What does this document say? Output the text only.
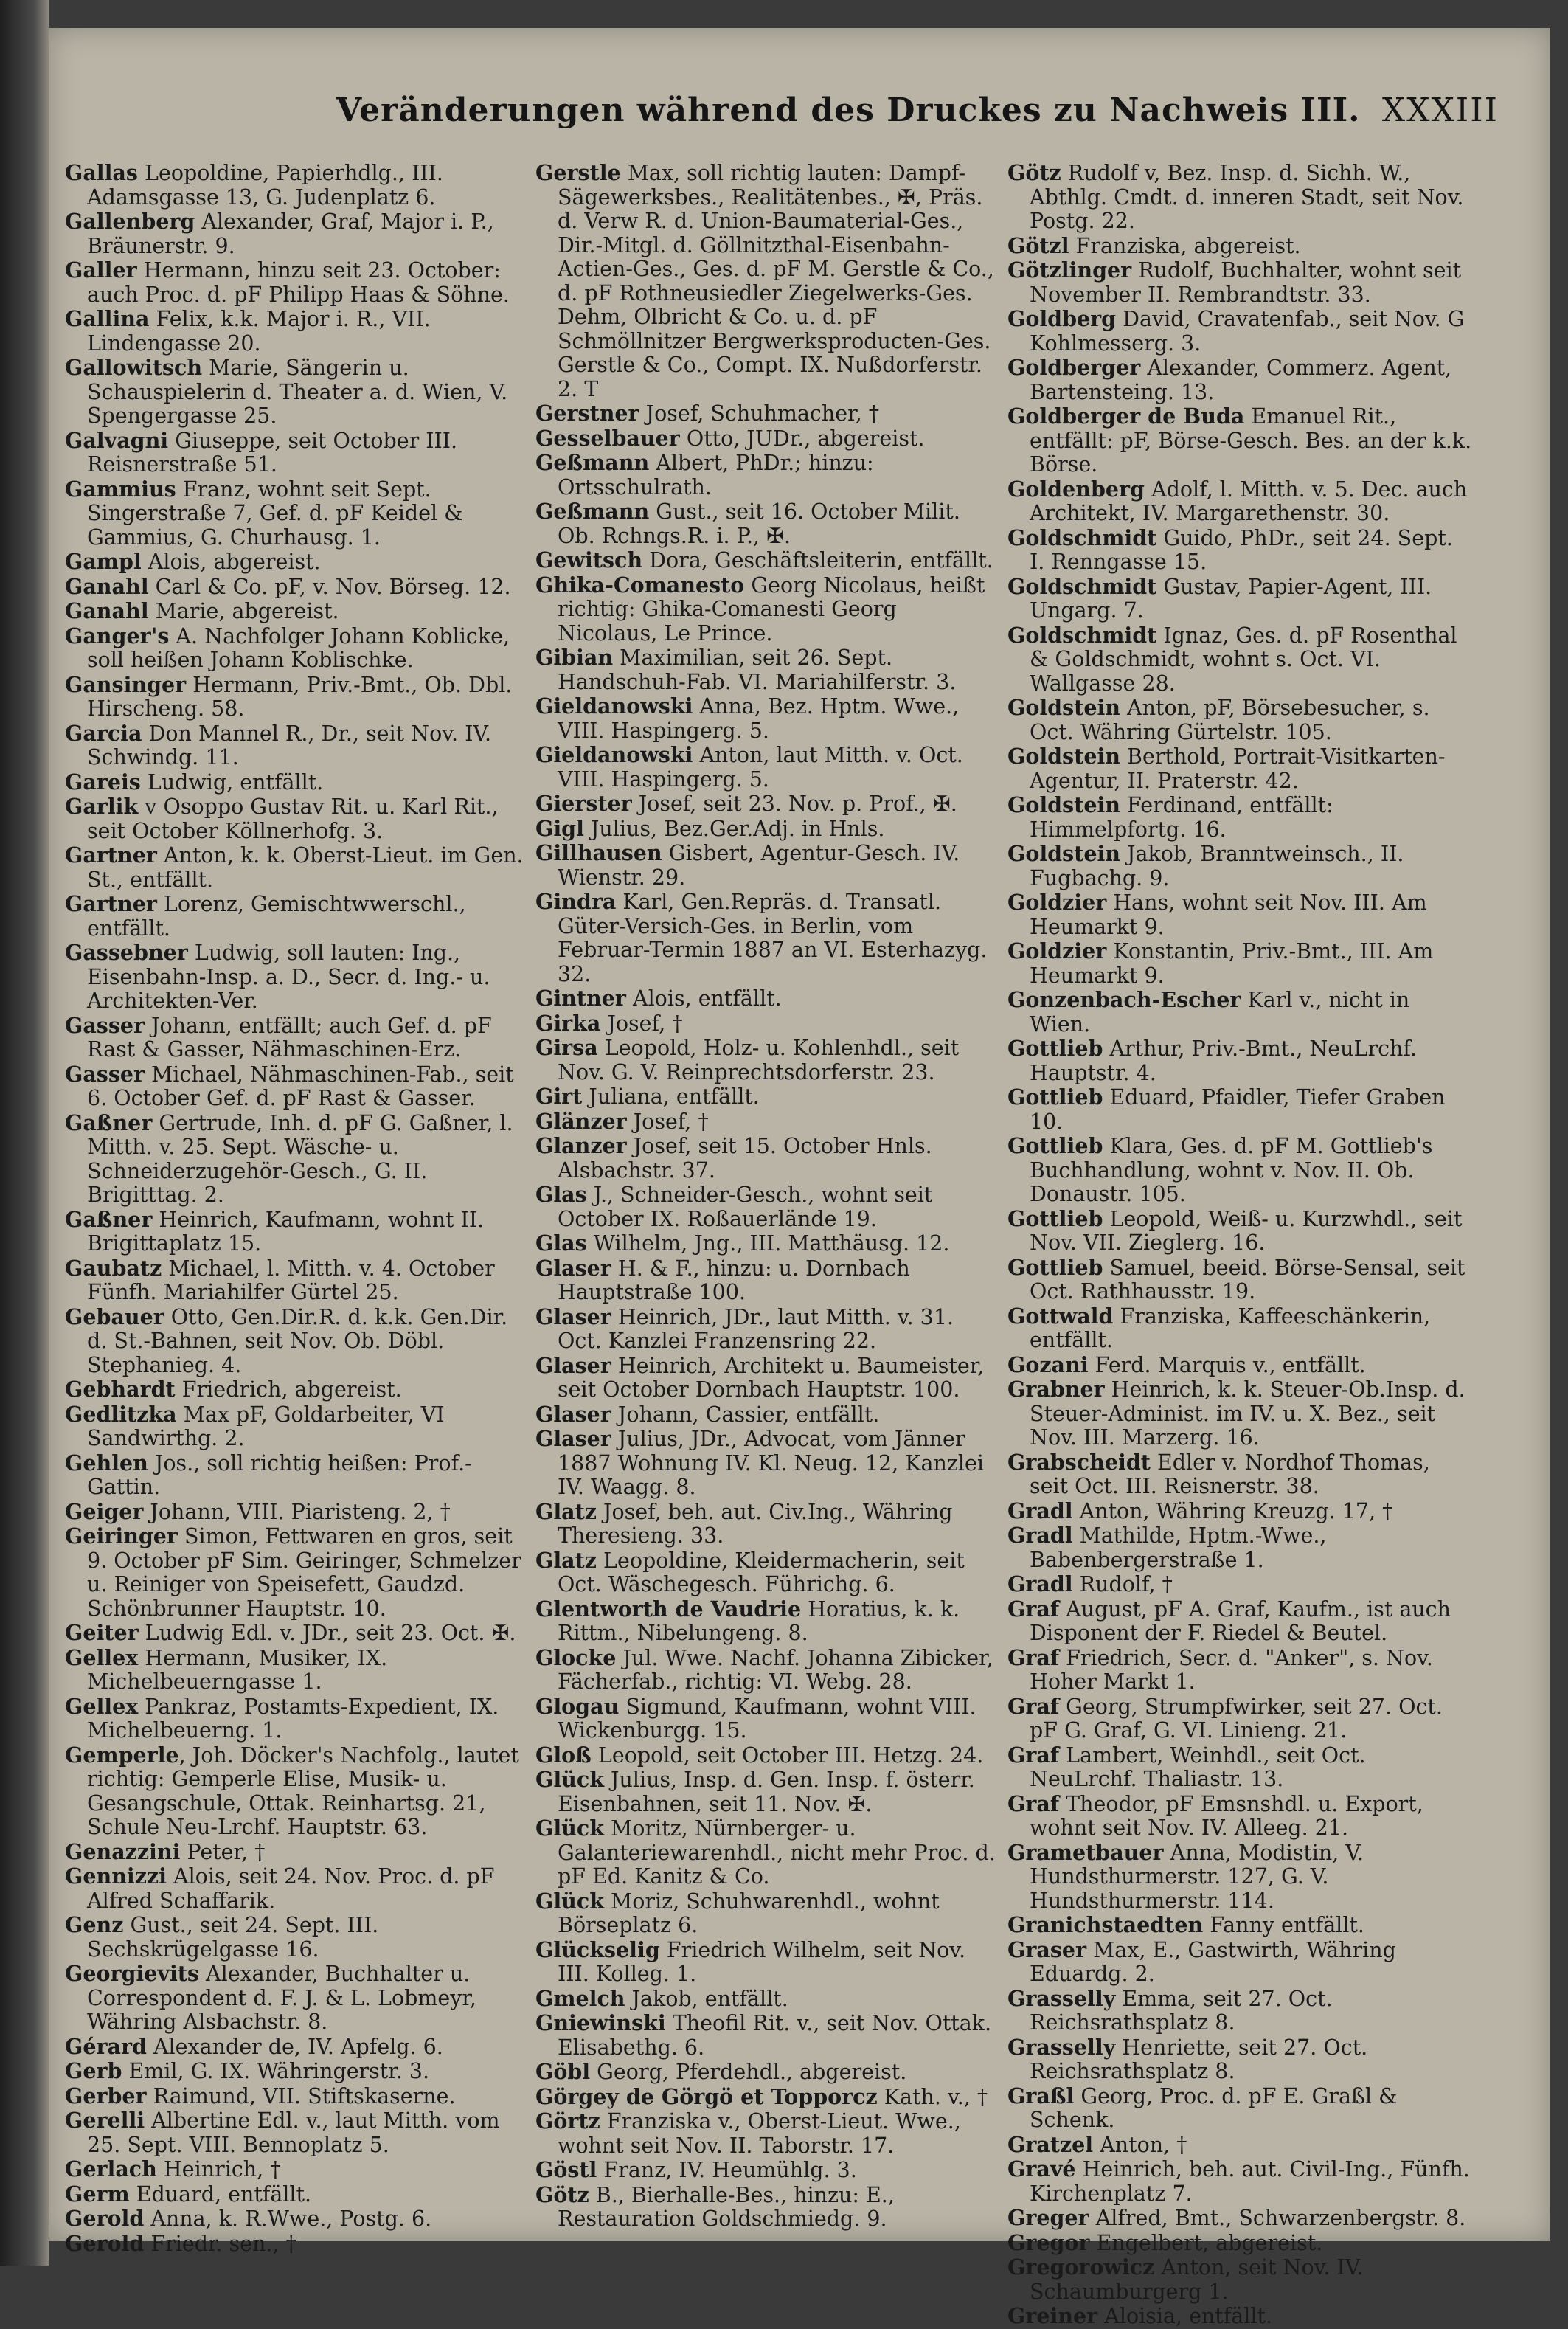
Veränderungen während des Druckes zu Nachweis III. XXXIII

Gallas Leopoldine, Papierhdlg., III. Adamsgasse 13, G. Judenplatz 6.

Gallenberg Alexander, Graf, Major i. P., Bräunerstr. 9.

Galler Hermann, hinzu seit 23. October: auch Proc. d. pF Philipp Haas & Söhne.

Gallina Felix, k.k. Major i. R., VII. Lindengasse 20.

Gallowitsch Marie, Sängerin u. Schauspielerin d. Theater a. d. Wien, V. Spengergasse 25.

Galvagni Giuseppe, seit October III. Reisnerstraße 51.

Gammius Franz, wohnt seit Sept. Singerstraße 7, Gef. d. pF Keidel & Gammius, G. Churhausg. 1.

Gampl Alois, abgereist.

Ganahl Carl & Co. pF, v. Nov. Börseg. 12.

Ganahl Marie, abgereist.

Ganger's A. Nachfolger Johann Koblicke, soll heißen Johann Koblischke.

Gansinger Hermann, Priv.-Bmt., Ob. Dbl. Hirscheng. 58.

Garcia Don Mannel R., Dr., seit Nov. IV. Schwindg. 11.

Gareis Ludwig, entfällt.

Garlik v Osoppo Gustav Rit. u. Karl Rit., seit October Köllnerhofg. 3.

Gartner Anton, k. k. Oberst-Lieut. im Gen. St., entfällt.

Gartner Lorenz, Gemischtwwerschl., entfällt.

Gassebner Ludwig, soll lauten: Ing., Eisenbahn-Insp. a. D., Secr. d. Ing.- u. Architekten-Ver.

Gasser Johann, entfällt; auch Gef. d. pF Rast & Gasser, Nähmaschinen-Erz.

Gasser Michael, Nähmaschinen-Fab., seit 6. October Gef. d. pF Rast & Gasser.

Gaßner Gertrude, Inh. d. pF G. Gaßner, l. Mitth. v. 25. Sept. Wäsche- u. Schneiderzugehör-Gesch., G. II. Brigitttag. 2.

Gaßner Heinrich, Kaufmann, wohnt II. Brigittaplatz 15.

Gaubatz Michael, l. Mitth. v. 4. October Fünfh. Mariahilfer Gürtel 25.

Gebauer Otto, Gen.Dir.R. d. k.k. Gen.Dir. d. St.-Bahnen, seit Nov. Ob. Döbl. Stephanieg. 4.

Gebhardt Friedrich, abgereist.

Gedlitzka Max pF, Goldarbeiter, VI Sandwirthg. 2.

Gehlen Jos., soll richtig heißen: Prof.-Gattin.

Geiger Johann, VIII. Piaristeng. 2, †

Geiringer Simon, Fettwaren en gros, seit 9. October pF Sim. Geiringer, Schmelzer u. Reiniger von Speisefett, Gaudzd. Schönbrunner Hauptstr. 10.

Geiter Ludwig Edl. v. JDr., seit 23. Oct. ✠.

Gellex Hermann, Musiker, IX. Michelbeuerngasse 1.

Gellex Pankraz, Postamts-Expedient, IX. Michelbeuerng. 1.

Gemperle, Joh. Döcker's Nachfolg., lautet richtig: Gemperle Elise, Musik- u. Gesangschule, Ottak. Reinhartsg. 21, Schule Neu-Lrchf. Hauptstr. 63.

Genazzini Peter, †

Gennizzi Alois, seit 24. Nov. Proc. d. pF Alfred Schaffarik.

Genz Gust., seit 24. Sept. III. Sechskrügelgasse 16.

Georgievits Alexander, Buchhalter u. Correspondent d. F. J. & L. Lobmeyr, Währing Alsbachstr. 8.

Gérard Alexander de, IV. Apfelg. 6.

Gerb Emil, G. IX. Währingerstr. 3.

Gerber Raimund, VII. Stiftskaserne.

Gerelli Albertine Edl. v., laut Mitth. vom 25. Sept. VIII. Bennoplatz 5.

Gerlach Heinrich, †

Germ Eduard, entfällt.

Gerold Anna, k. R.Wwe., Postg. 6.

Gerold Friedr. sen., †

Gerstle Max, soll richtig lauten: Dampf-Sägewerksbes., Realitätenbes., ✠, Präs. d. Verw R. d. Union-Baumaterial-Ges., Dir.-Mitgl. d. Göllnitzthal-Eisenbahn-Actien-Ges., Ges. d. pF M. Gerstle & Co., d. pF Rothneusiedler Ziegelwerks-Ges. Dehm, Olbricht & Co. u. d. pF Schmöllnitzer Bergwerksproducten-Ges. Gerstle & Co., Compt. IX. Nußdorferstr. 2. T

Gerstner Josef, Schuhmacher, †

Gesselbauer Otto, JUDr., abgereist.

Geßmann Albert, PhDr.; hinzu: Ortsschulrath.

Geßmann Gust., seit 16. October Milit. Ob. Rchngs.R. i. P., ✠.

Gewitsch Dora, Geschäftsleiterin, entfällt.

Ghika-Comanesto Georg Nicolaus, heißt richtig: Ghika-Comanesti Georg Nicolaus, Le Prince.

Gibian Maximilian, seit 26. Sept. Handschuh-Fab. VI. Mariahilferstr. 3.

Gieldanowski Anna, Bez. Hptm. Wwe., VIII. Haspingerg. 5.

Gieldanowski Anton, laut Mitth. v. Oct. VIII. Haspingerg. 5.

Gierster Josef, seit 23. Nov. p. Prof., ✠.

Gigl Julius, Bez.Ger.Adj. in Hnls.

Gillhausen Gisbert, Agentur-Gesch. IV. Wienstr. 29.

Gindra Karl, Gen.Repräs. d. Transatl. Güter-Versich-Ges. in Berlin, vom Februar-Termin 1887 an VI. Esterhazyg. 32.

Gintner Alois, entfällt.

Girka Josef, †

Girsa Leopold, Holz- u. Kohlenhdl., seit Nov. G. V. Reinprechtsdorferstr. 23.

Girt Juliana, entfällt.

Glänzer Josef, †

Glanzer Josef, seit 15. October Hnls. Alsbachstr. 37.

Glas J., Schneider-Gesch., wohnt seit October IX. Roßauerlände 19.

Glas Wilhelm, Jng., III. Matthäusg. 12.

Glaser H. & F., hinzu: u. Dornbach Hauptstraße 100.

Glaser Heinrich, JDr., laut Mitth. v. 31. Oct. Kanzlei Franzensring 22.

Glaser Heinrich, Architekt u. Baumeister, seit October Dornbach Hauptstr. 100.

Glaser Johann, Cassier, entfällt.

Glaser Julius, JDr., Advocat, vom Jänner 1887 Wohnung IV. Kl. Neug. 12, Kanzlei IV. Waagg. 8.

Glatz Josef, beh. aut. Civ.Ing., Währing Theresieng. 33.

Glatz Leopoldine, Kleidermacherin, seit Oct. Wäschegesch. Führichg. 6.

Glentworth de Vaudrie Horatius, k. k. Rittm., Nibelungeng. 8.

Glocke Jul. Wwe. Nachf. Johanna Zibicker, Fächerfab., richtig: VI. Webg. 28.

Glogau Sigmund, Kaufmann, wohnt VIII. Wickenburgg. 15.

Gloß Leopold, seit October III. Hetzg. 24.

Glück Julius, Insp. d. Gen. Insp. f. österr. Eisenbahnen, seit 11. Nov. ✠.

Glück Moritz, Nürnberger- u. Galanteriewarenhdl., nicht mehr Proc. d. pF Ed. Kanitz & Co.

Glück Moriz, Schuhwarenhdl., wohnt Börseplatz 6.

Glückselig Friedrich Wilhelm, seit Nov. III. Kolleg. 1.

Gmelch Jakob, entfällt.

Gniewinski Theofil Rit. v., seit Nov. Ottak. Elisabethg. 6.

Göbl Georg, Pferdehdl., abgereist.

Görgey de Görgö et Topporcz Kath. v., †

Görtz Franziska v., Oberst-Lieut. Wwe., wohnt seit Nov. II. Taborstr. 17.

Göstl Franz, IV. Heumühlg. 3.

Götz B., Bierhalle-Bes., hinzu: E., Restauration Goldschmiedg. 9.

Götz Rudolf v, Bez. Insp. d. Sichh. W., Abthlg. Cmdt. d. inneren Stadt, seit Nov. Postg. 22.

Götzl Franziska, abgereist.

Götzlinger Rudolf, Buchhalter, wohnt seit November II. Rembrandtstr. 33.

Goldberg David, Cravatenfab., seit Nov. G Kohlmesserg. 3.

Goldberger Alexander, Commerz. Agent, Bartensteing. 13.

Goldberger de Buda Emanuel Rit., entfällt: pF, Börse-Gesch. Bes. an der k.k. Börse.

Goldenberg Adolf, l. Mitth. v. 5. Dec. auch Architekt, IV. Margarethenstr. 30.

Goldschmidt Guido, PhDr., seit 24. Sept. I. Renngasse 15.

Goldschmidt Gustav, Papier-Agent, III. Ungarg. 7.

Goldschmidt Ignaz, Ges. d. pF Rosenthal & Goldschmidt, wohnt s. Oct. VI. Wallgasse 28.

Goldstein Anton, pF, Börsebesucher, s. Oct. Währing Gürtelstr. 105.

Goldstein Berthold, Portrait-Visitkarten-Agentur, II. Praterstr. 42.

Goldstein Ferdinand, entfällt: Himmelpfortg. 16.

Goldstein Jakob, Branntweinsch., II. Fugbachg. 9.

Goldzier Hans, wohnt seit Nov. III. Am Heumarkt 9.

Goldzier Konstantin, Priv.-Bmt., III. Am Heumarkt 9.

Gonzenbach-Escher Karl v., nicht in Wien.

Gottlieb Arthur, Priv.-Bmt., NeuLrchf. Hauptstr. 4.

Gottlieb Eduard, Pfaidler, Tiefer Graben 10.

Gottlieb Klara, Ges. d. pF M. Gottlieb's Buchhandlung, wohnt v. Nov. II. Ob. Donaustr. 105.

Gottlieb Leopold, Weiß- u. Kurzwhdl., seit Nov. VII. Zieglerg. 16.

Gottlieb Samuel, beeid. Börse-Sensal, seit Oct. Rathhausstr. 19.

Gottwald Franziska, Kaffeeschänkerin, entfällt.

Gozani Ferd. Marquis v., entfällt.

Grabner Heinrich, k. k. Steuer-Ob.Insp. d. Steuer-Administ. im IV. u. X. Bez., seit Nov. III. Marzerg. 16.

Grabscheidt Edler v. Nordhof Thomas, seit Oct. III. Reisnerstr. 38.

Gradl Anton, Währing Kreuzg. 17, †

Gradl Mathilde, Hptm.-Wwe., Babenbergerstraße 1.

Gradl Rudolf, †

Graf August, pF A. Graf, Kaufm., ist auch Disponent der F. Riedel & Beutel.

Graf Friedrich, Secr. d. "Anker", s. Nov. Hoher Markt 1.

Graf Georg, Strumpfwirker, seit 27. Oct. pF G. Graf, G. VI. Linieng. 21.

Graf Lambert, Weinhdl., seit Oct. NeuLrchf. Thaliastr. 13.

Graf Theodor, pF Emsnshdl. u. Export, wohnt seit Nov. IV. Alleeg. 21.

Grametbauer Anna, Modistin, V. Hundsthurmerstr. 127, G. V. Hundsthurmerstr. 114.

Granichstaedten Fanny entfällt.

Graser Max, E., Gastwirth, Währing Eduardg. 2.

Grasselly Emma, seit 27. Oct. Reichsrathsplatz 8.

Grasselly Henriette, seit 27. Oct. Reichsrathsplatz 8.

Graßl Georg, Proc. d. pF E. Graßl & Schenk.

Gratzel Anton, †

Gravé Heinrich, beh. aut. Civil-Ing., Fünfh. Kirchenplatz 7.

Greger Alfred, Bmt., Schwarzenbergstr. 8.

Gregor Engelbert, abgereist.

Gregorowicz Anton, seit Nov. IV. Schaumburgerg 1.

Greiner Aloisia, entfällt.
